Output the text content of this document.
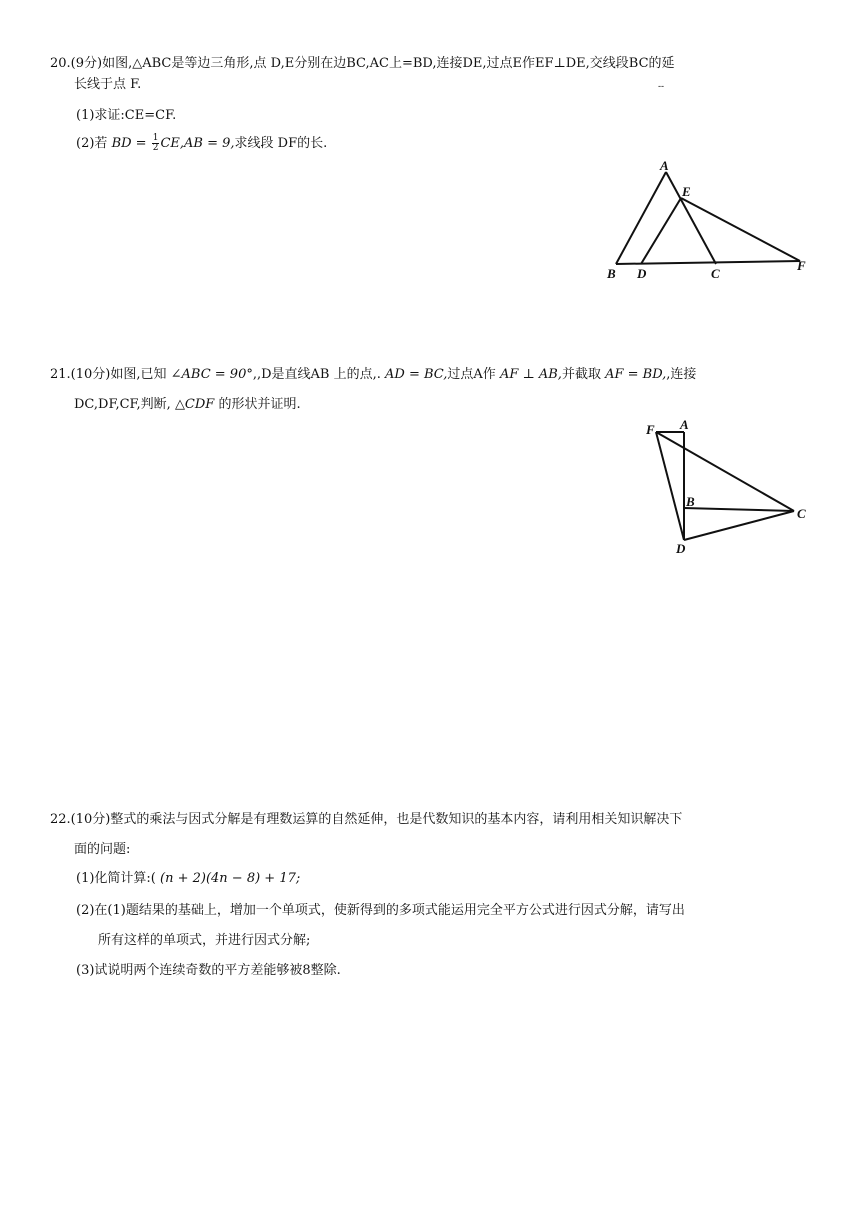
20.(9分)如图,△ABC是等边三角形,点 D,E分别在边BC,AC上=BD,连接DE,过点E作EF⊥DE,交线段BC的延
长线于点 F.	--
(1)求证:CE=CF.
(2)若 BD = $\frac{1}{2} CE,AB = 9$,求线段 DF的长.
A
E
B D	C
F
21.(10分)如图,已知 ∠ABC = 90°,,D是直线AB 上的点,. AD = BC,过点A作 AF ⊥ AB,并截取 AF = BD,,连接
DC,DF,CF,判断, △CDF 的形状并证明.
F A
B
C
D
22.(10分)整式的乘法与因式分解是有理数运算的自然延伸，也是代数知识的基本内容，请利用相关知识解决下
面的问题:
(1)化简计算:( (n + 2)(4n − 8) + 17;
(2)在(1)题结果的基础上，增加一个单项式，使新得到的多项式能运用完全平方公式进行因式分解，请写出
所有这样的单项式，并进行因式分解;
(3)试说明两个连续奇数的平方差能够被8整除.
